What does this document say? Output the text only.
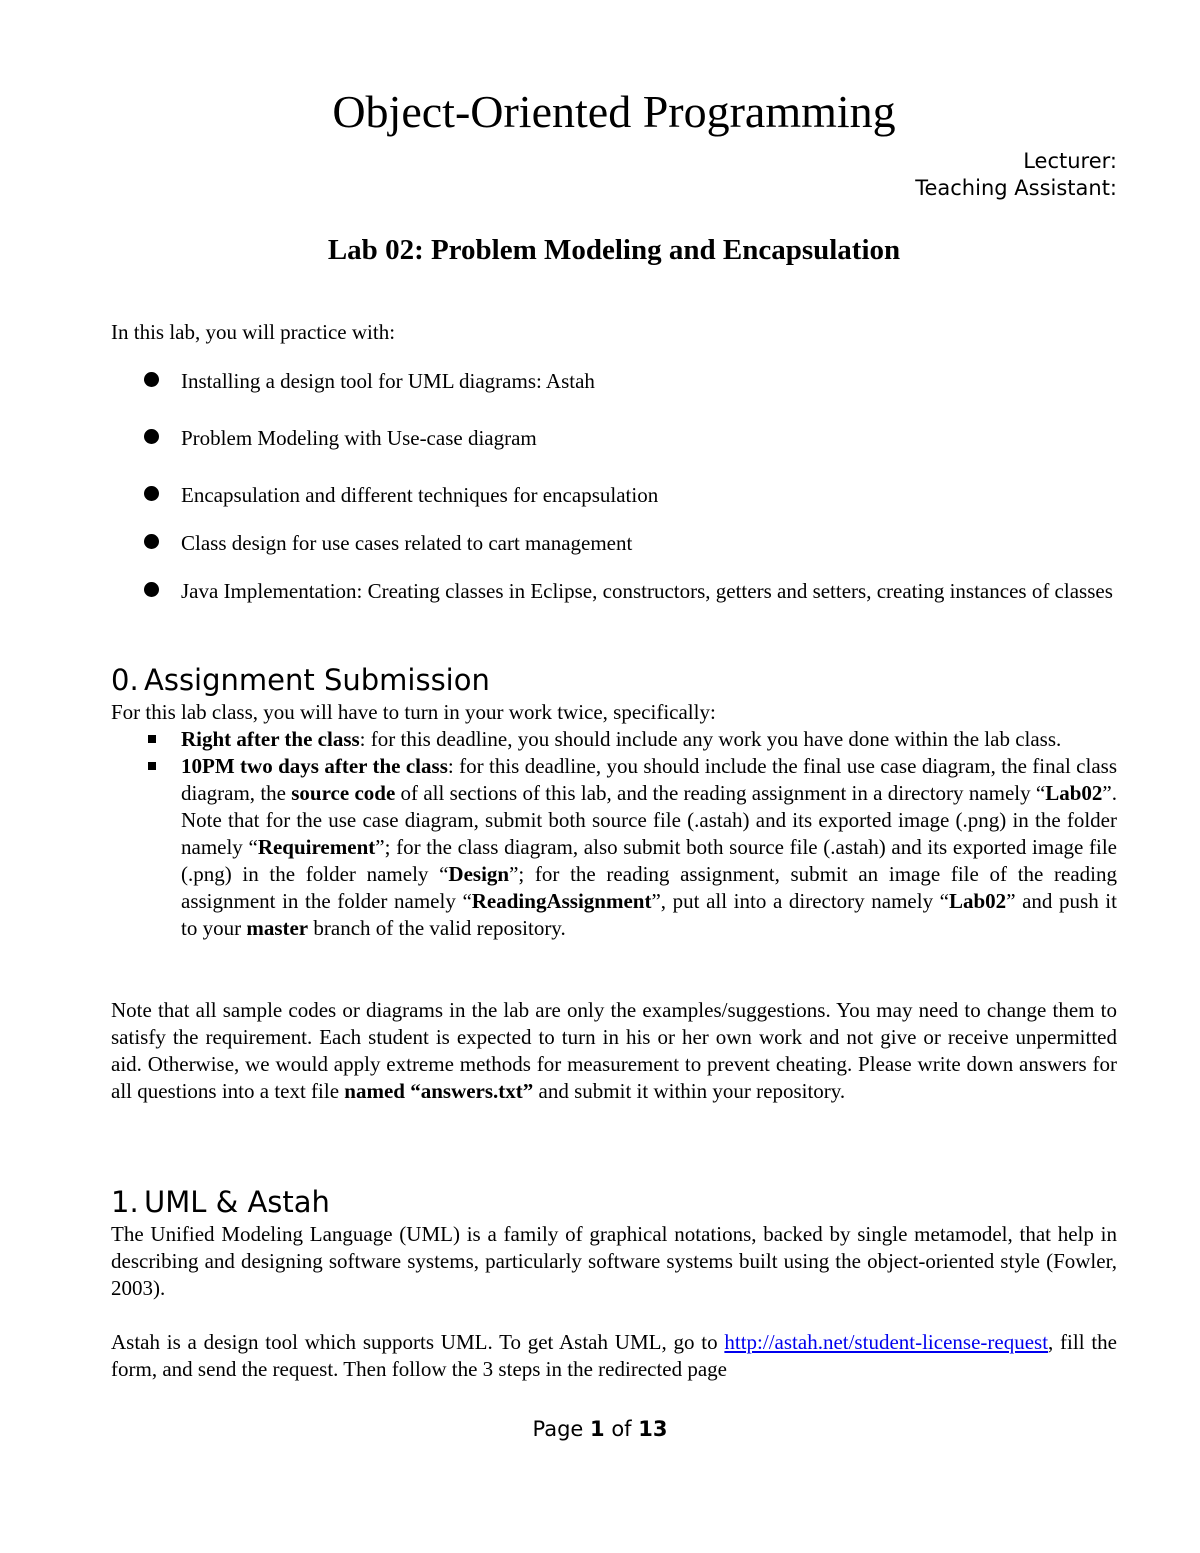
Object-Oriented Programming
Lecturer:
Teaching Assistant:
Lab 02: Problem Modeling and Encapsulation

In this lab, you will practice with:

Installing a design tool for UML diagrams: Astah
Problem Modeling with Use-case diagram
Encapsulation and different techniques for encapsulation
Class design for use cases related to cart management
Java Implementation: Creating classes in Eclipse, constructors, getters and setters, creating instances of classes
0. Assignment Submission

For this lab class, you will have to turn in your work twice, specifically:

Right after the class: for this deadline, you should include any work you have done within the lab class.
10PM two days after the class: for this deadline, you should include the final use case diagram, the final class diagram, the source code of all sections of this lab, and the reading assignment in a directory namely “Lab02”. Note that for the use case diagram, submit both source file (.astah) and its exported image (.png) in the folder namely “Requirement”; for the class diagram, also submit both source file (.astah) and its exported image file (.png) in the folder namely “Design”; for the reading assignment, submit an image file of the reading assignment in the folder namely “ReadingAssignment”, put all into a directory namely “Lab02” and push it to your master branch of the valid repository.

Note that all sample codes or diagrams in the lab are only the examples/suggestions. You may need to change them to satisfy the requirement. Each student is expected to turn in his or her own work and not give or receive unpermitted aid. Otherwise, we would apply extreme methods for measurement to prevent cheating. Please write down answers for all questions into a text file named “answers.txt” and submit it within your repository.

1. UML & Astah

The Unified Modeling Language (UML) is a family of graphical notations, backed by single metamodel, that help in describing and designing software systems, particularly software systems built using the object-oriented style (Fowler, 2003).

Astah is a design tool which supports UML. To get Astah UML, go to http://astah.net/student-license-request, fill the form, and send the request. Then follow the 3 steps in the redirected page

Page 1 of 13
